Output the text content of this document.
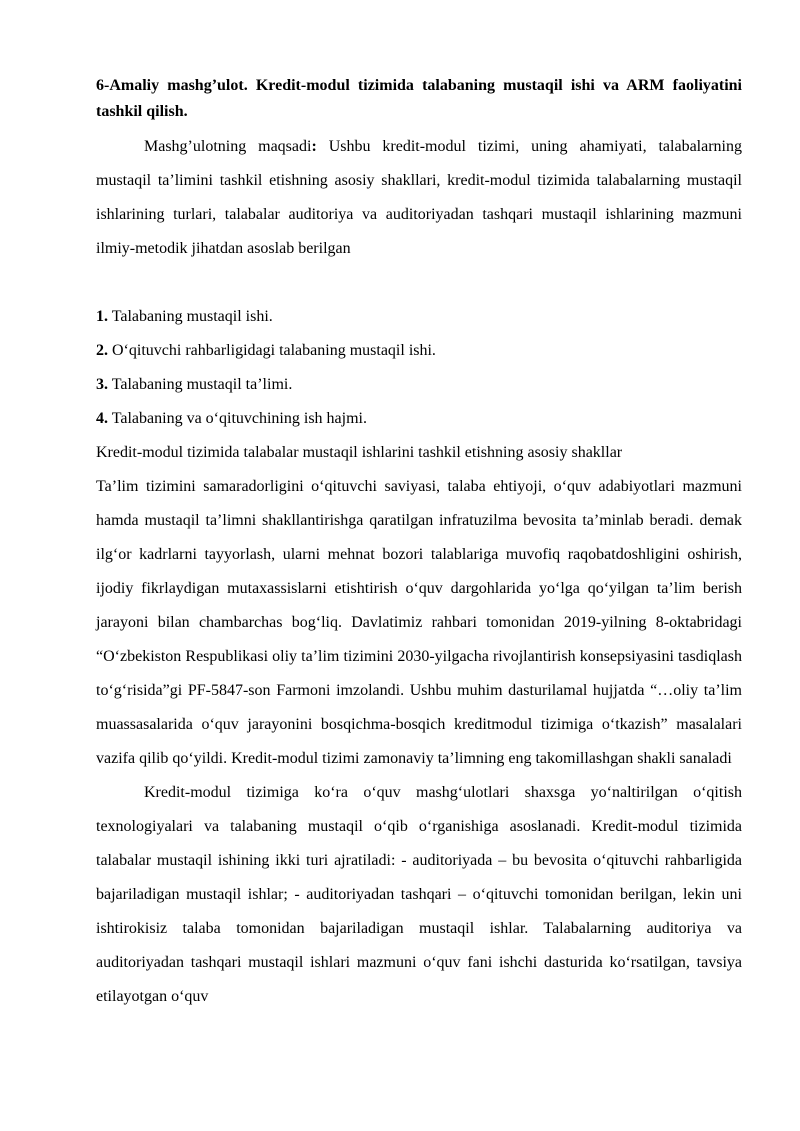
6-Amaliy mashg’ulot. Kredit-modul tizimida talabaning mustaqil ishi va ARM faoliyatini tashkil qilish.

Mashg’ulotning maqsadi: Ushbu kredit-modul tizimi, uning ahamiyati, talabalarning mustaqil ta’limini tashkil etishning asosiy shakllari, kredit-modul tizimida talabalarning mustaqil ishlarining turlari, talabalar auditoriya va auditoriyadan tashqari mustaqil ishlarining mazmuni ilmiy-metodik jihatdan asoslab berilgan

1. Talabaning mustaqil ishi.

2. O‘qituvchi rahbarligidagi talabaning mustaqil ishi.

3. Talabaning mustaqil ta’limi.

4. Talabaning va o‘qituvchining ish hajmi.

Kredit-modul tizimida talabalar mustaqil ishlarini tashkil etishning asosiy shakllar

Ta’lim tizimini samaradorligini o‘qituvchi saviyasi, talaba ehtiyoji, o‘quv adabiyotlari mazmuni hamda mustaqil ta’limni shakllantirishga qaratilgan infratuzilma bevosita ta’minlab beradi. demak ilg‘or kadrlarni tayyorlash, ularni mehnat bozori talablariga muvofiq raqobatdoshligini oshirish, ijodiy fikrlaydigan mutaxassislarni etishtirish o‘quv dargohlarida yo‘lga qo‘yilgan ta’lim berish jarayoni bilan chambarchas bog‘liq. Davlatimiz rahbari tomonidan 2019-yilning 8-oktabridagi “O‘zbekiston Respublikasi oliy ta’lim tizimini 2030-yilgacha rivojlantirish konsepsiyasini tasdiqlash to‘g‘risida”gi PF-5847-son Farmoni imzolandi. Ushbu muhim dasturilamal hujjatda “…oliy ta’lim muassasalarida o‘quv jarayonini bosqichma-bosqich kreditmodul tizimiga o‘tkazish” masalalari vazifa qilib qo‘yildi. Kredit-modul tizimi zamonaviy ta’limning eng takomillashgan shakli sanaladi

Kredit-modul tizimiga ko‘ra o‘quv mashg‘ulotlari shaxsga yo‘naltirilgan o‘qitish texnologiyalari va talabaning mustaqil o‘qib o‘rganishiga asoslanadi. Kredit-modul tizimida talabalar mustaqil ishining ikki turi ajratiladi: - auditoriyada – bu bevosita o‘qituvchi rahbarligida bajariladigan mustaqil ishlar; - auditoriyadan tashqari – o‘qituvchi tomonidan berilgan, lekin uni ishtirokisiz talaba tomonidan bajariladigan mustaqil ishlar. Talabalarning auditoriya va auditoriyadan tashqari mustaqil ishlari mazmuni o‘quv fani ishchi dasturida ko‘rsatilgan, tavsiya etilayotgan o‘quv
